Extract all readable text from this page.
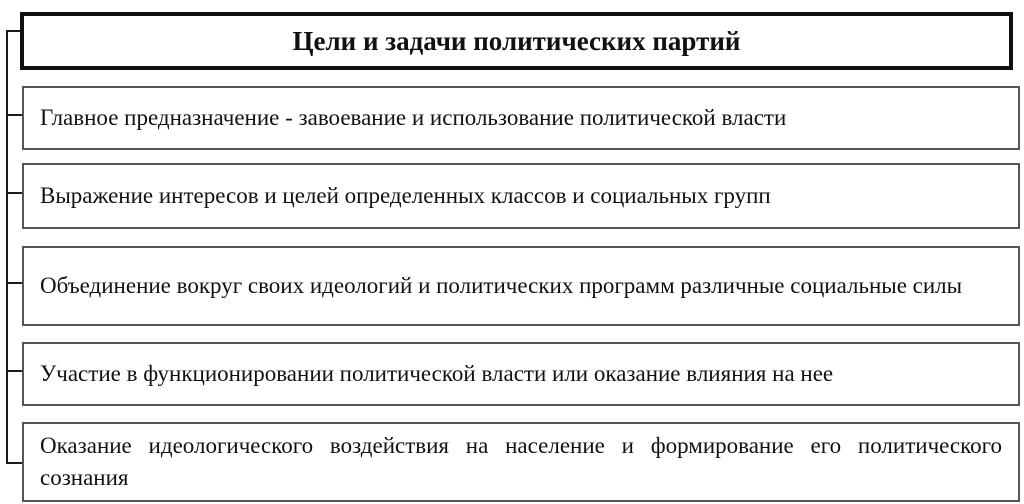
Цели и задачи политических партий
Главное предназначение - завоевание и использование политической власти
Выражение интересов и целей определенных классов и социальных групп
Объединение вокруг своих идеологий и политических программ различные социальные силы
Участие в функционировании политической власти или оказание влияния на нее
Оказание идеологического воздействия на население и формирование его политического сознания
